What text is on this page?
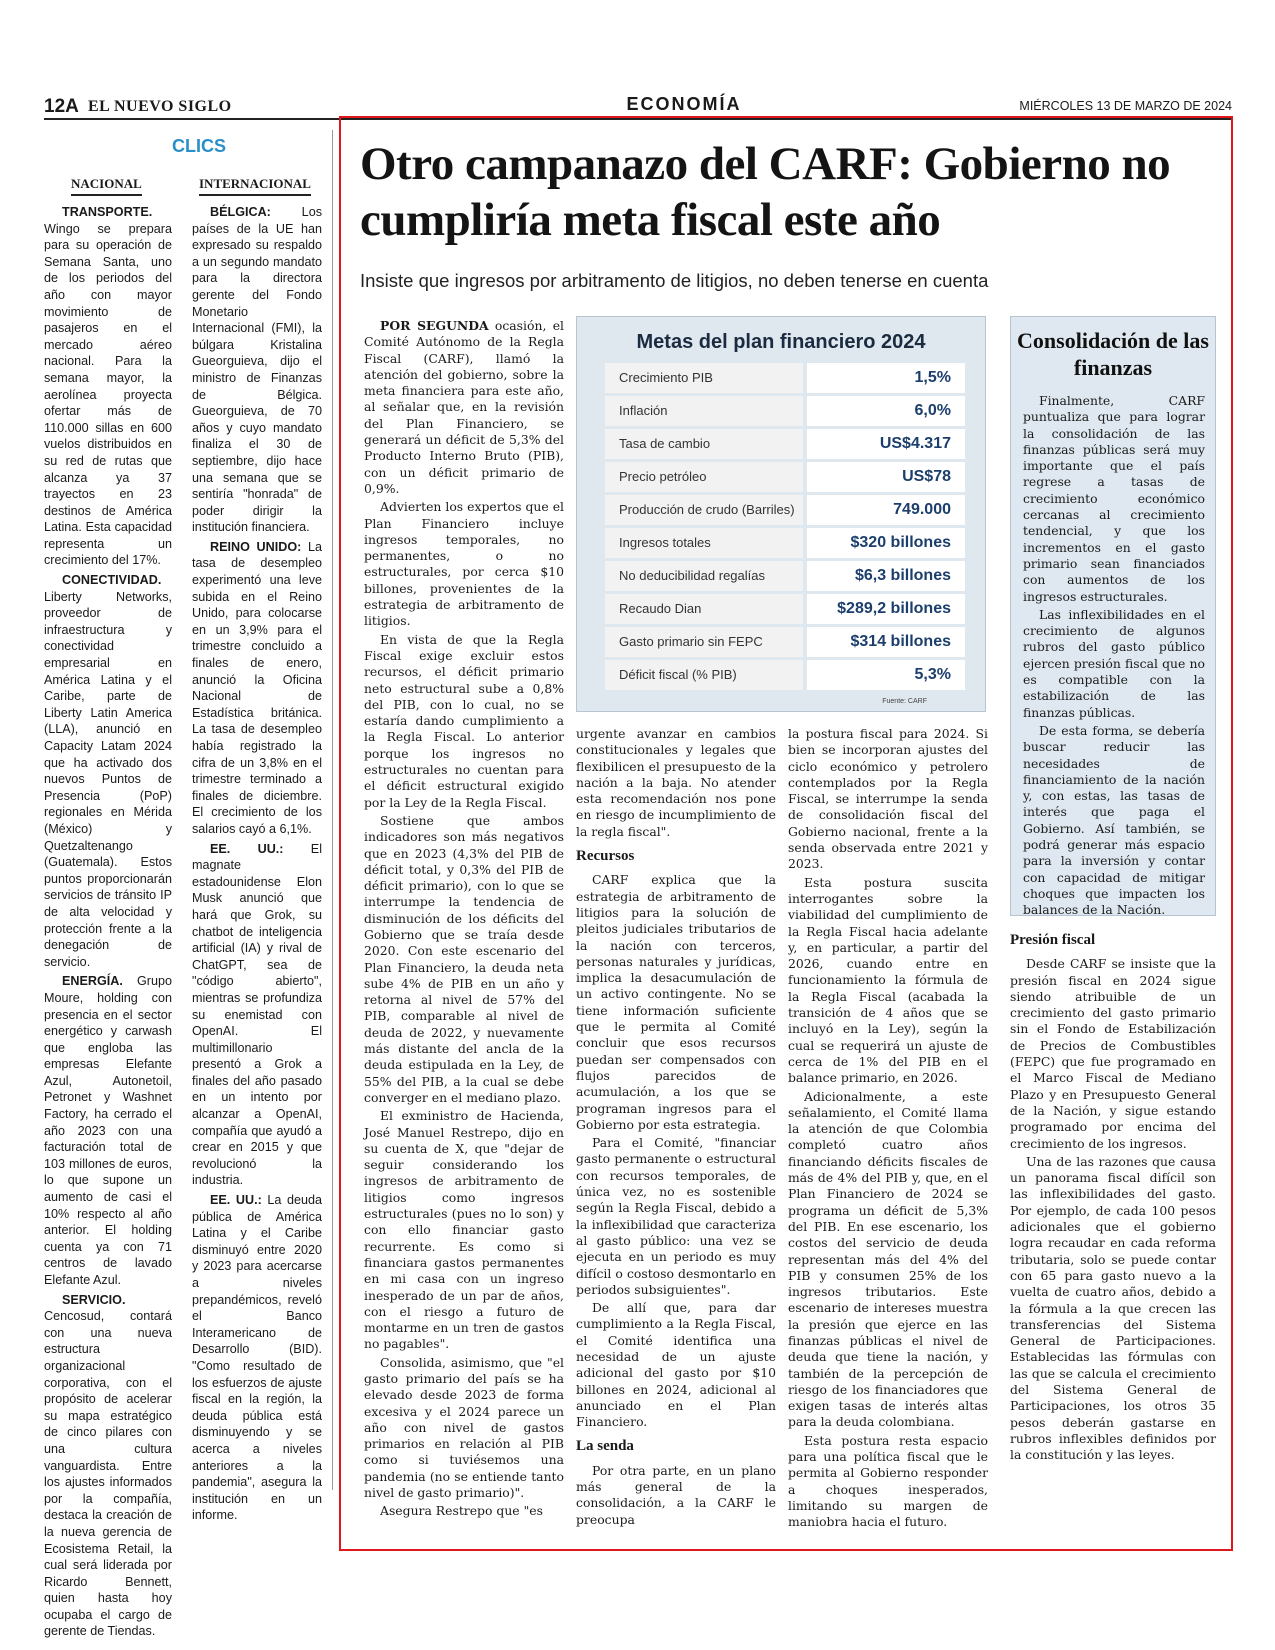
12A EL NUEVO SIGLO	ECONOMÍA	MIÉRCOLES 13 DE MARZO DE 2024
CLICS
NACIONAL	INTERNACIONAL

TRANSPORTE. Wingo se prepara para su operación de Semana Santa, uno de los periodos del año con mayor movimiento de pasajeros en el mercado aéreo nacional. Para la semana mayor, la aerolínea proyecta ofertar más de 110.000 sillas en 600 vuelos distribuidos en su red de rutas que alcanza ya 37 trayectos en 23 destinos de América Latina. Esta capacidad representa un crecimiento del 17%.

CONECTIVIDAD. Liberty Networks, proveedor de infraestructura y conectividad empresarial en América Latina y el Caribe, parte de Liberty Latin America (LLA), anunció en Capacity Latam 2024 que ha activado dos nuevos Puntos de Presencia (PoP) regionales en Mérida (México) y Quetzaltenango (Guatemala). Estos puntos proporcionarán servicios de tránsito IP de alta velocidad y protección frente a la denegación de servicio.

ENERGÍA. Grupo Moure, holding con presencia en el sector energético y carwash que engloba las empresas Elefante Azul, Autonetoil, Petronet y Washnet Factory, ha cerrado el año 2023 con una facturación total de 103 millones de euros, lo que supone un aumento de casi el 10% respecto al año anterior. El holding cuenta ya con 71 centros de lavado Elefante Azul.

SERVICIO. Cencosud, contará con una nueva estructura organizacional corporativa, con el propósito de acelerar su mapa estratégico de cinco pilares con una cultura vanguardista. Entre los ajustes informados por la compañía, destaca la creación de la nueva gerencia de Ecosistema Retail, la cual será liderada por Ricardo Bennett, quien hasta hoy ocupaba el cargo de gerente de Tiendas.

BÉLGICA: Los países de la UE han expresado su respaldo a un segundo mandato para la directora gerente del Fondo Monetario Internacional (FMI), la búlgara Kristalina Gueorguieva, dijo el ministro de Finanzas de Bélgica. Gueorguieva, de 70 años y cuyo mandato finaliza el 30 de septiembre, dijo hace una semana que se sentiría "honrada" de poder dirigir la institución financiera.

REINO UNIDO: La tasa de desempleo experimentó una leve subida en el Reino Unido, para colocarse en un 3,9% para el trimestre concluido a finales de enero, anunció la Oficina Nacional de Estadística británica. La tasa de desempleo había registrado la cifra de un 3,8% en el trimestre terminado a finales de diciembre. El crecimiento de los salarios cayó a 6,1%.

EE. UU.: El magnate estadounidense Elon Musk anunció que hará que Grok, su chatbot de inteligencia artificial (IA) y rival de ChatGPT, sea de "código abierto", mientras se profundiza su enemistad con OpenAI. El multimillonario presentó a Grok a finales del año pasado en un intento por alcanzar a OpenAI, compañía que ayudó a crear en 2015 y que revolucionó la industria.

EE. UU.: La deuda pública de América Latina y el Caribe disminuyó entre 2020 y 2023 para acercarse a niveles prepandémicos, reveló el Banco Interamericano de Desarrollo (BID). "Como resultado de los esfuerzos de ajuste fiscal en la región, la deuda pública está disminuyendo y se acerca a niveles anteriores a la pandemia", asegura la institución en un informe.

Otro campanazo del CARF: Gobierno no cumpliría meta fiscal este año
Insiste que ingresos por arbitramento de litigios, no deben tenerse en cuenta

POR SEGUNDA ocasión, el Comité Autónomo de la Regla Fiscal (CARF), llamó la atención del gobierno, sobre la meta financiera para este año, al señalar que, en la revisión del Plan Financiero, se generará un déficit de 5,3% del Producto Interno Bruto (PIB), con un déficit primario de 0,9%.

Advierten los expertos que el Plan Financiero incluye ingresos temporales, no permanentes, o no estructurales, por cerca $10 billones, provenientes de la estrategia de arbitramento de litigios.

En vista de que la Regla Fiscal exige excluir estos recursos, el déficit primario neto estructural sube a 0,8% del PIB, con lo cual, no se estaría dando cumplimiento a la Regla Fiscal. Lo anterior porque los ingresos no estructurales no cuentan para el déficit estructural exigido por la Ley de la Regla Fiscal.

Sostiene que ambos indicadores son más negativos que en 2023 (4,3% del PIB de déficit total, y 0,3% del PIB de déficit primario), con lo que se interrumpe la tendencia de disminución de los déficits del Gobierno que se traía desde 2020. Con este escenario del Plan Financiero, la deuda neta sube 4% de PIB en un año y retorna al nivel de 57% del PIB, comparable al nivel de deuda de 2022, y nuevamente más distante del ancla de la deuda estipulada en la Ley, de 55% del PIB, a la cual se debe converger en el mediano plazo.

El exministro de Hacienda, José Manuel Restrepo, dijo en su cuenta de X, que "dejar de seguir considerando los ingresos de arbitramento de litigios como ingresos estructurales (pues no lo son) y con ello financiar gasto recurrente. Es como si financiara gastos permanentes en mi casa con un ingreso inesperado de un par de años, con el riesgo a futuro de montarme en un tren de gastos no pagables".

Consolida, asimismo, que "el gasto primario del país se ha elevado desde 2023 de forma excesiva y el 2024 parece un año con nivel de gastos primarios en relación al PIB como si tuviésemos una pandemia (no se entiende tanto nivel de gasto primario)".

Asegura Restrepo que "es

urgente avanzar en cambios constitucionales y legales que flexibilicen el presupuesto de la nación a la baja. No atender esta recomendación nos pone en riesgo de incumplimiento de la regla fiscal".

Recursos

CARF explica que la estrategia de arbitramento de litigios para la solución de pleitos judiciales tributarios de la nación con terceros, personas naturales y jurídicas, implica la desacumulación de un activo contingente. No se tiene información suficiente que le permita al Comité concluir que esos recursos puedan ser compensados con flujos parecidos de acumulación, a los que se programan ingresos para el Gobierno por esta estrategia.

Para el Comité, "financiar gasto permanente o estructural con recursos temporales, de única vez, no es sostenible según la Regla Fiscal, debido a la inflexibilidad que caracteriza al gasto público: una vez se ejecuta en un periodo es muy difícil o costoso desmontarlo en periodos subsiguientes".

De allí que, para dar cumplimiento a la Regla Fiscal, el Comité identifica una necesidad de un ajuste adicional del gasto por $10 billones en 2024, adicional al anunciado en el Plan Financiero.

La senda

Por otra parte, en un plano más general de la consolidación, a la CARF le preocupa

la postura fiscal para 2024. Si bien se incorporan ajustes del ciclo económico y petrolero contemplados por la Regla Fiscal, se interrumpe la senda de consolidación fiscal del Gobierno nacional, frente a la senda observada entre 2021 y 2023.

Esta postura suscita interrogantes sobre la viabilidad del cumplimiento de la Regla Fiscal hacia adelante y, en particular, a partir del 2026, cuando entre en funcionamiento la fórmula de la Regla Fiscal (acabada la transición de 4 años que se incluyó en la Ley), según la cual se requerirá un ajuste de cerca de 1% del PIB en el balance primario, en 2026.

Adicionalmente, a este señalamiento, el Comité llama la atención de que Colombia completó cuatro años financiando déficits fiscales de más de 4% del PIB y, que, en el Plan Financiero de 2024 se programa un déficit de 5,3% del PIB. En ese escenario, los costos del servicio de deuda representan más del 4% del PIB y consumen 25% de los ingresos tributarios. Este escenario de intereses muestra la presión que ejerce en las finanzas públicas el nivel de deuda que tiene la nación, y también de la percepción de riesgo de los financiadores que exigen tasas de interés altas para la deuda colombiana.

Esta postura resta espacio para una política fiscal que le permita al Gobierno responder a choques inesperados, limitando su margen de maniobra hacia el futuro.

Presión fiscal

Desde CARF se insiste que la presión fiscal en 2024 sigue siendo atribuible de un crecimiento del gasto primario sin el Fondo de Estabilización de Precios de Combustibles (FEPC) que fue programado en el Marco Fiscal de Mediano Plazo y en Presupuesto General de la Nación, y sigue estando programado por encima del crecimiento de los ingresos.

Una de las razones que causa un panorama fiscal difícil son las inflexibilidades del gasto. Por ejemplo, de cada 100 pesos adicionales que el gobierno logra recaudar en cada reforma tributaria, solo se puede contar con 65 para gasto nuevo a la vuelta de cuatro años, debido a la fórmula a la que crecen las transferencias del Sistema General de Participaciones. Establecidas las fórmulas con las que se calcula el crecimiento del Sistema General de Participaciones, los otros 35 pesos deberán gastarse en rubros inflexibles definidos por la constitución y las leyes.

Metas del plan financiero 2024
Crecimiento PIB	1,5%
Inflación	6,0%
Tasa de cambio	US$4.317
Precio petróleo	US$78
Producción de crudo (Barriles)	749.000
Ingresos totales	$320 billones
No deducibilidad regalías	$6,3 billones
Recaudo Dian	$289,2 billones
Gasto primario sin FEPC	$314 billones
Déficit fiscal (% PIB)	5,3%
Fuente: CARF
Consolidación de las finanzas

Finalmente, CARF puntualiza que para lograr la consolidación de las finanzas públicas será muy importante que el país regrese a tasas de crecimiento económico cercanas al crecimiento tendencial, y que los incrementos en el gasto primario sean financiados con aumentos de los ingresos estructurales.

Las inflexibilidades en el crecimiento de algunos rubros del gasto público ejercen presión fiscal que no es compatible con la estabilización de las finanzas públicas.

De esta forma, se debería buscar reducir las necesidades de financiamiento de la nación y, con estas, las tasas de interés que paga el Gobierno. Así también, se podrá generar más espacio para la inversión y contar con capacidad de mitigar choques que impacten los balances de la Nación.
